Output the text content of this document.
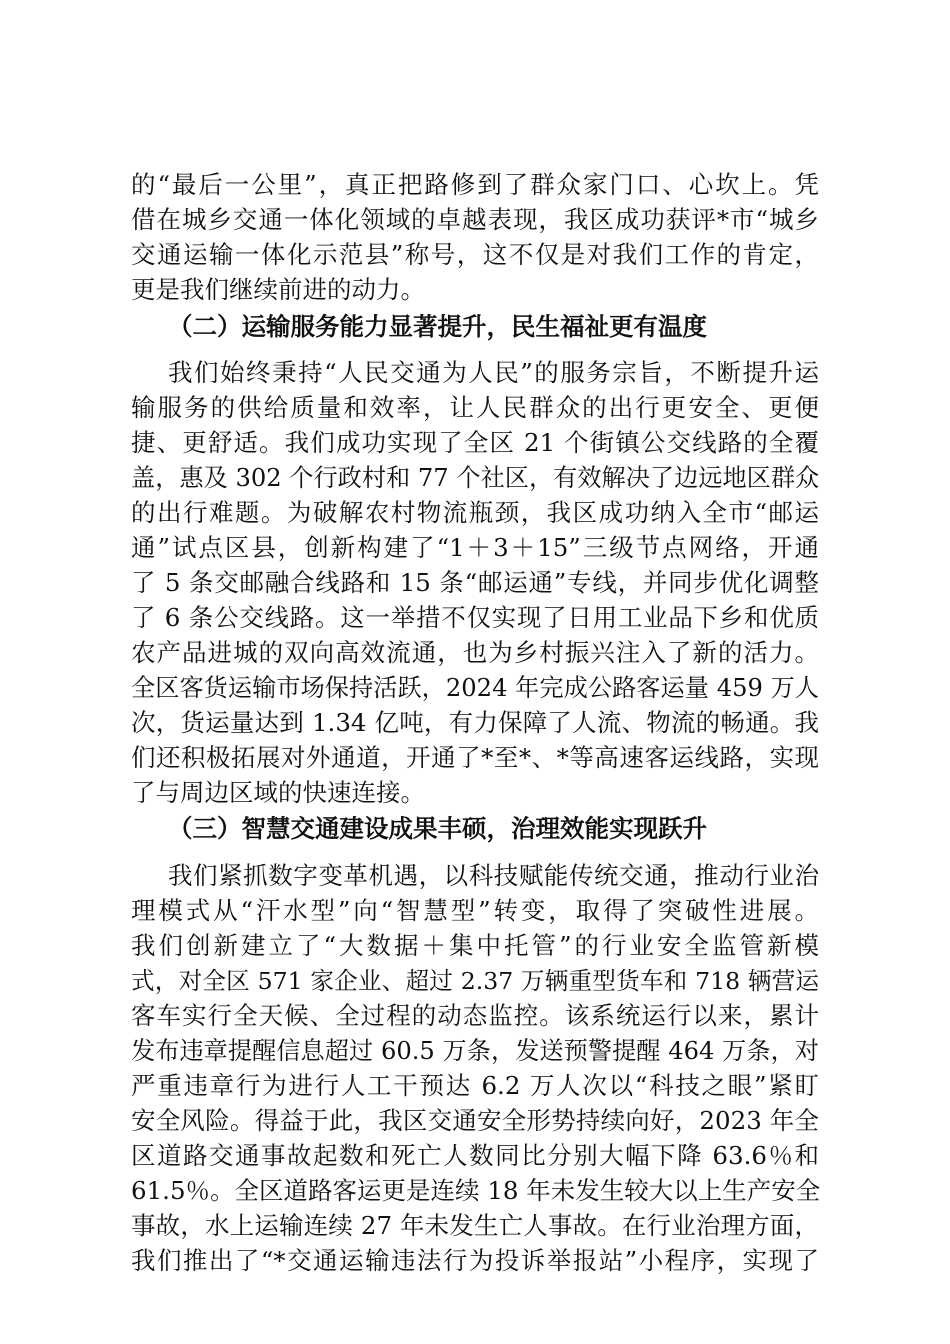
的“最后一公里”，真正把路修到了群众家门口、心坎上。凭
借在城乡交通一体化领域的卓越表现，我区成功获评*市“城乡
交通运输一体化示范县”称号，这不仅是对我们工作的肯定，
更是我们继续前进的动力。
（二）运输服务能力显著提升，民生福祉更有温度
我们始终秉持“人民交通为人民”的服务宗旨，不断提升运
输服务的供给质量和效率，让人民群众的出行更安全、更便
捷、更舒适。我们成功实现了全区 21 个街镇公交线路的全覆
盖，惠及 302 个行政村和 77 个社区，有效解决了边远地区群众
的出行难题。为破解农村物流瓶颈，我区成功纳入全市“邮运
通”试点区县，创新构建了“1＋3＋15”三级节点网络，开通
了 5 条交邮融合线路和 15 条“邮运通”专线，并同步优化调整
了 6 条公交线路。这一举措不仅实现了日用工业品下乡和优质
农产品进城的双向高效流通，也为乡村振兴注入了新的活力。
全区客货运输市场保持活跃，2024 年完成公路客运量 459 万人
次，货运量达到 1.34 亿吨，有力保障了人流、物流的畅通。我
们还积极拓展对外通道，开通了*至*、*等高速客运线路，实现
了与周边区域的快速连接。
（三）智慧交通建设成果丰硕，治理效能实现跃升
我们紧抓数字变革机遇，以科技赋能传统交通，推动行业治
理模式从“汗水型”向“智慧型”转变，取得了突破性进展。
我们创新建立了“大数据＋集中托管”的行业安全监管新模
式，对全区 571 家企业、超过 2.37 万辆重型货车和 718 辆营运
客车实行全天候、全过程的动态监控。该系统运行以来，累计
发布违章提醒信息超过 60.5 万条，发送预警提醒 464 万条，对
严重违章行为进行人工干预达 6.2 万人次以“科技之眼”紧盯
安全风险。得益于此，我区交通安全形势持续向好，2023 年全
区道路交通事故起数和死亡人数同比分别大幅下降 63.6％和
61.5％。全区道路客运更是连续 18 年未发生较大以上生产安全
事故，水上运输连续 27 年未发生亡人事故。在行业治理方面，
我们推出了“*交通运输违法行为投诉举报站”小程序，实现了
